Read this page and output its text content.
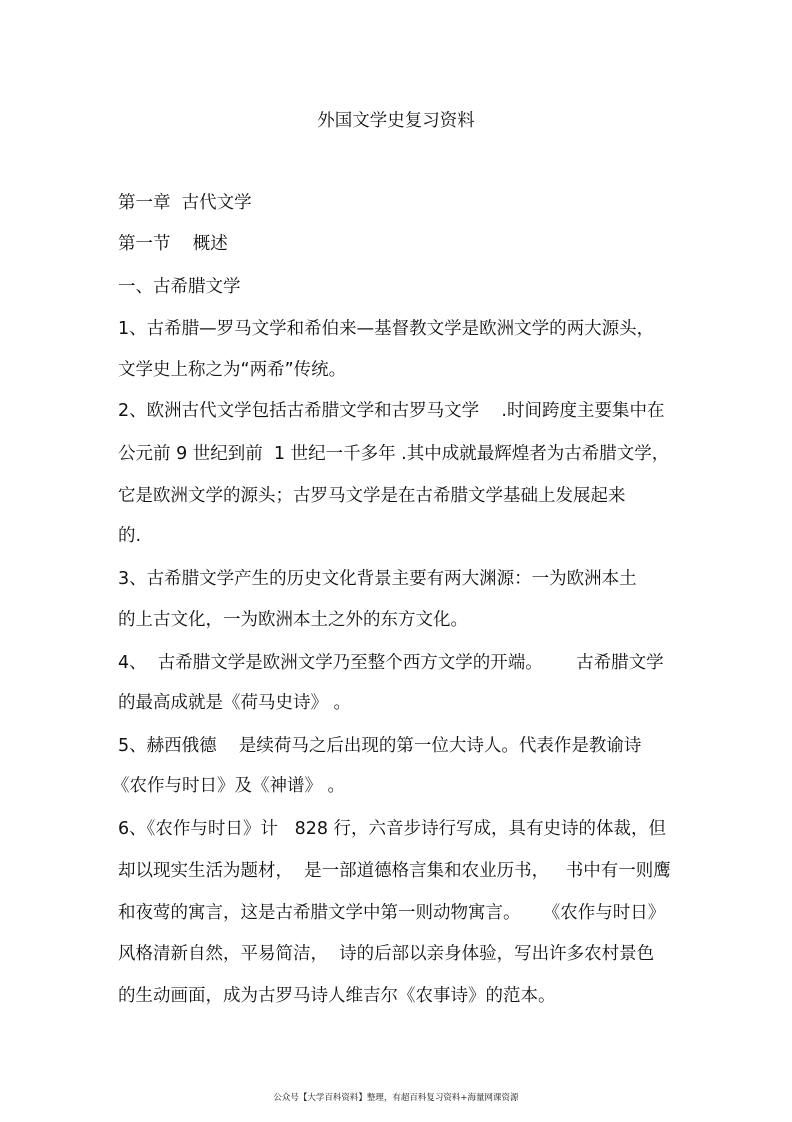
外国文学史复习资料
第一章  古代文学
第一节    概述
一、古希腊文学
1、古希腊—罗马文学和希伯来—基督教文学是欧洲文学的两大源头，
文学史上称之为“两希”传统。
2、欧洲古代文学包括古希腊文学和古罗马文学    .时间跨度主要集中在
公元前 9 世纪到前  1 世纪一千多年 .其中成就最辉煌者为古希腊文学，
它是欧洲文学的源头；古罗马文学是在古希腊文学基础上发展起来
的.
3、古希腊文学产生的历史文化背景主要有两大渊源：一为欧洲本土
的上古文化，一为欧洲本土之外的东方文化。
4、  古希腊文学是欧洲文学乃至整个西方文学的开端。      古希腊文学
的最高成就是《荷马史诗》 。
5、赫西俄德    是续荷马之后出现的第一位大诗人。代表作是教谕诗
《农作与时日》及《神谱》 。
6、《农作与时日》计   828 行，六音步诗行写成，具有史诗的体裁，但
却以现实生活为题材，  是一部道德格言集和农业历书，   书中有一则鹰
和夜莺的寓言，这是古希腊文学中第一则动物寓言。    《农作与时日》
风格清新自然，平易简洁，  诗的后部以亲身体验，写出许多农村景色
的生动画面，成为古罗马诗人维吉尔《农事诗》的范本。
公众号【大学百科资料】整理，有超百科复习资料+海量网课资源
